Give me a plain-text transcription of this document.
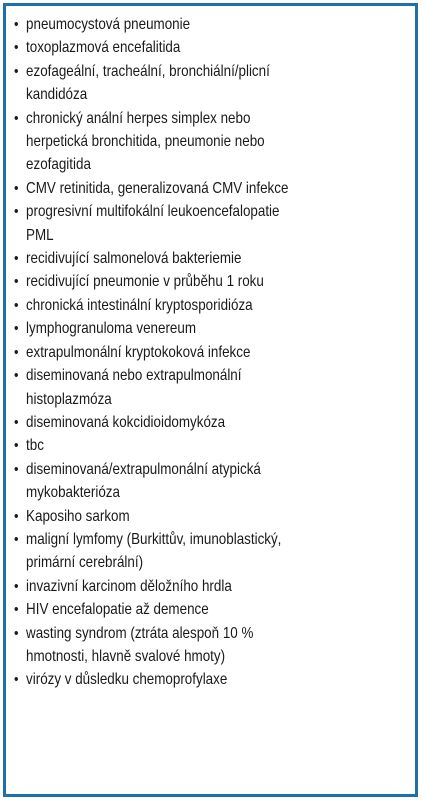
• pneumocystová pneumonie
• toxoplazmová encefalitida
• ezofageální, tracheální, bronchiální/plicní
kandidóza
• chronický anální herpes simplex nebo
herpetická bronchitida, pneumonie nebo
ezofagitida
• CMV retinitida, generalizovaná CMV infekce
• progresivní multifokální leukoencefalopatie
PML
• recidivující salmonelová bakteriemie
• recidivující pneumonie v průběhu 1 roku
• chronická intestinální kryptosporidióza
• lymphogranuloma venereum
• extrapulmonální kryptokoková infekce
• diseminovaná nebo extrapulmonální
histoplazmóza
• diseminovaná kokcidioidomykóza
• tbc
• diseminovaná/extrapulmonální atypická
mykobakterióza
• Kaposiho sarkom
• maligní lymfomy (Burkittův, imunoblastický,
primární cerebrální)
• invazivní karcinom děložního hrdla
• HIV encefalopatie až demence
• wasting syndrom (ztráta alespoň 10 %
hmotnosti, hlavně svalové hmoty)
• virózy v důsledku chemoprofylaxe
